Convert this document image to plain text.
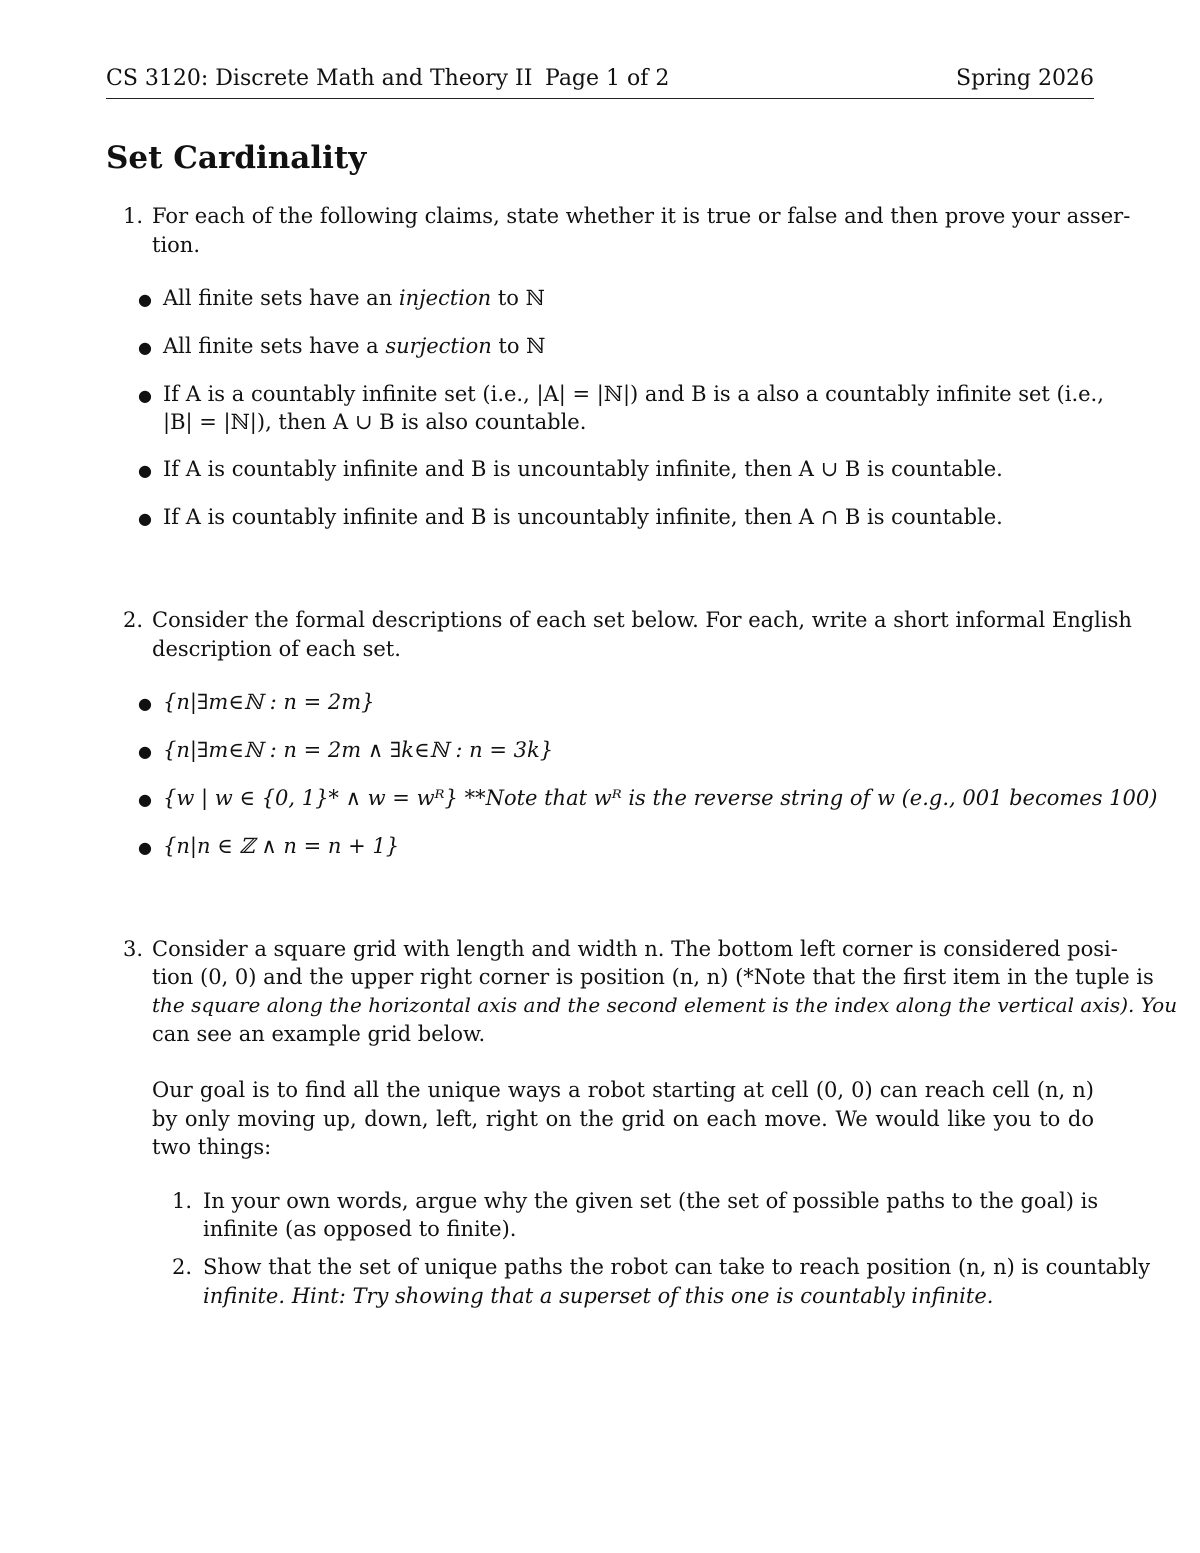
CS 3120: Discrete Math and Theory II Page 1 of 2	Spring 2026
Set Cardinality
1. For each of the following claims, state whether it is true or false and then prove your asser-
tion.
● All finite sets have an injection to ℕ
● All finite sets have a surjection to ℕ
● If A is a countably infinite set (i.e., |A| = |ℕ|) and B is a also a countably infinite set (i.e.,
|B| = |ℕ|), then A ∪ B is also countable.
● If A is countably infinite and B is uncountably infinite, then A ∪ B is countable.
● If A is countably infinite and B is uncountably infinite, then A ∩ B is countable.
2. Consider the formal descriptions of each set below. For each, write a short informal English
description of each set.
● {n|∃m∈ℕ : n = 2m}
● {n|∃m∈ℕ : n = 2m ∧ ∃k∈ℕ : n = 3k}
● {w | w ∈ {0, 1}* ∧ w = wᴿ} **Note that wᴿ is the reverse string of w (e.g., 001 becomes 100)
● {n|n ∈ ℤ ∧ n = n + 1}
3. Consider a square grid with length and width n. The bottom left corner is considered posi-
tion (0, 0) and the upper right corner is position (n, n) (*Note that the first item in the tuple is
the square along the horizontal axis and the second element is the index along the vertical axis). You
can see an example grid below.
Our goal is to find all the unique ways a robot starting at cell (0, 0) can reach cell (n, n)
by only moving up, down, left, right on the grid on each move. We would like you to do
two things:
1. In your own words, argue why the given set (the set of possible paths to the goal) is
infinite (as opposed to finite).
2. Show that the set of unique paths the robot can take to reach position (n, n) is countably
infinite. Hint: Try showing that a superset of this one is countably infinite.
